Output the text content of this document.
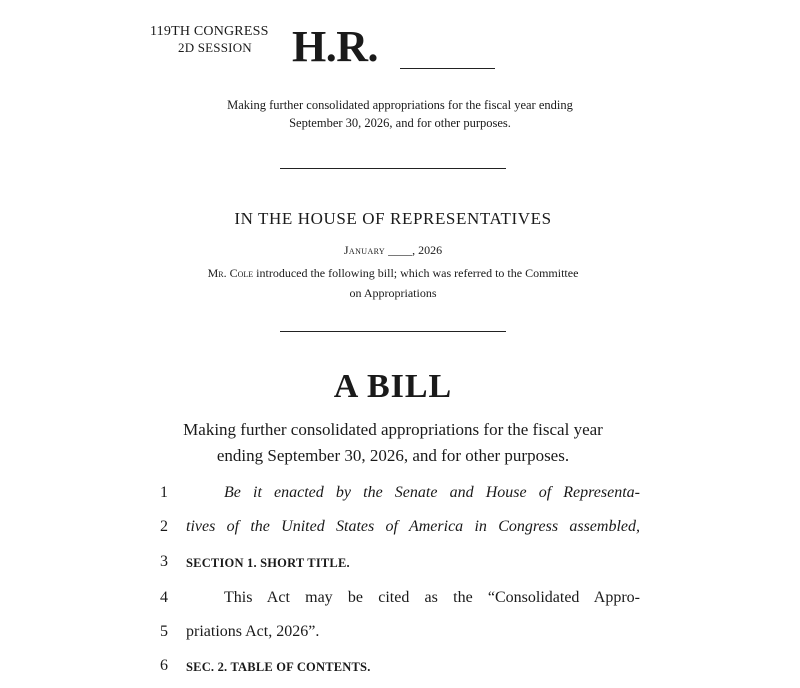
119TH CONGRESS
2D SESSION H.R.
Making further consolidated appropriations for the fiscal year ending
September 30, 2026, and for other purposes.
IN THE HOUSE OF REPRESENTATIVES
January ____, 2026
Mr. Cole introduced the following bill; which was referred to the Committee
on Appropriations
A BILL
Making further consolidated appropriations for the fiscal year
ending September 30, 2026, and for other purposes.
1	Be it enacted by the Senate and House of Representa-
2	tives of the United States of America in Congress assembled,
3	SECTION 1. SHORT TITLE.
4	This Act may be cited as the “Consolidated Appro-
5	priations Act, 2026”.
6	SEC. 2. TABLE OF CONTENTS.
